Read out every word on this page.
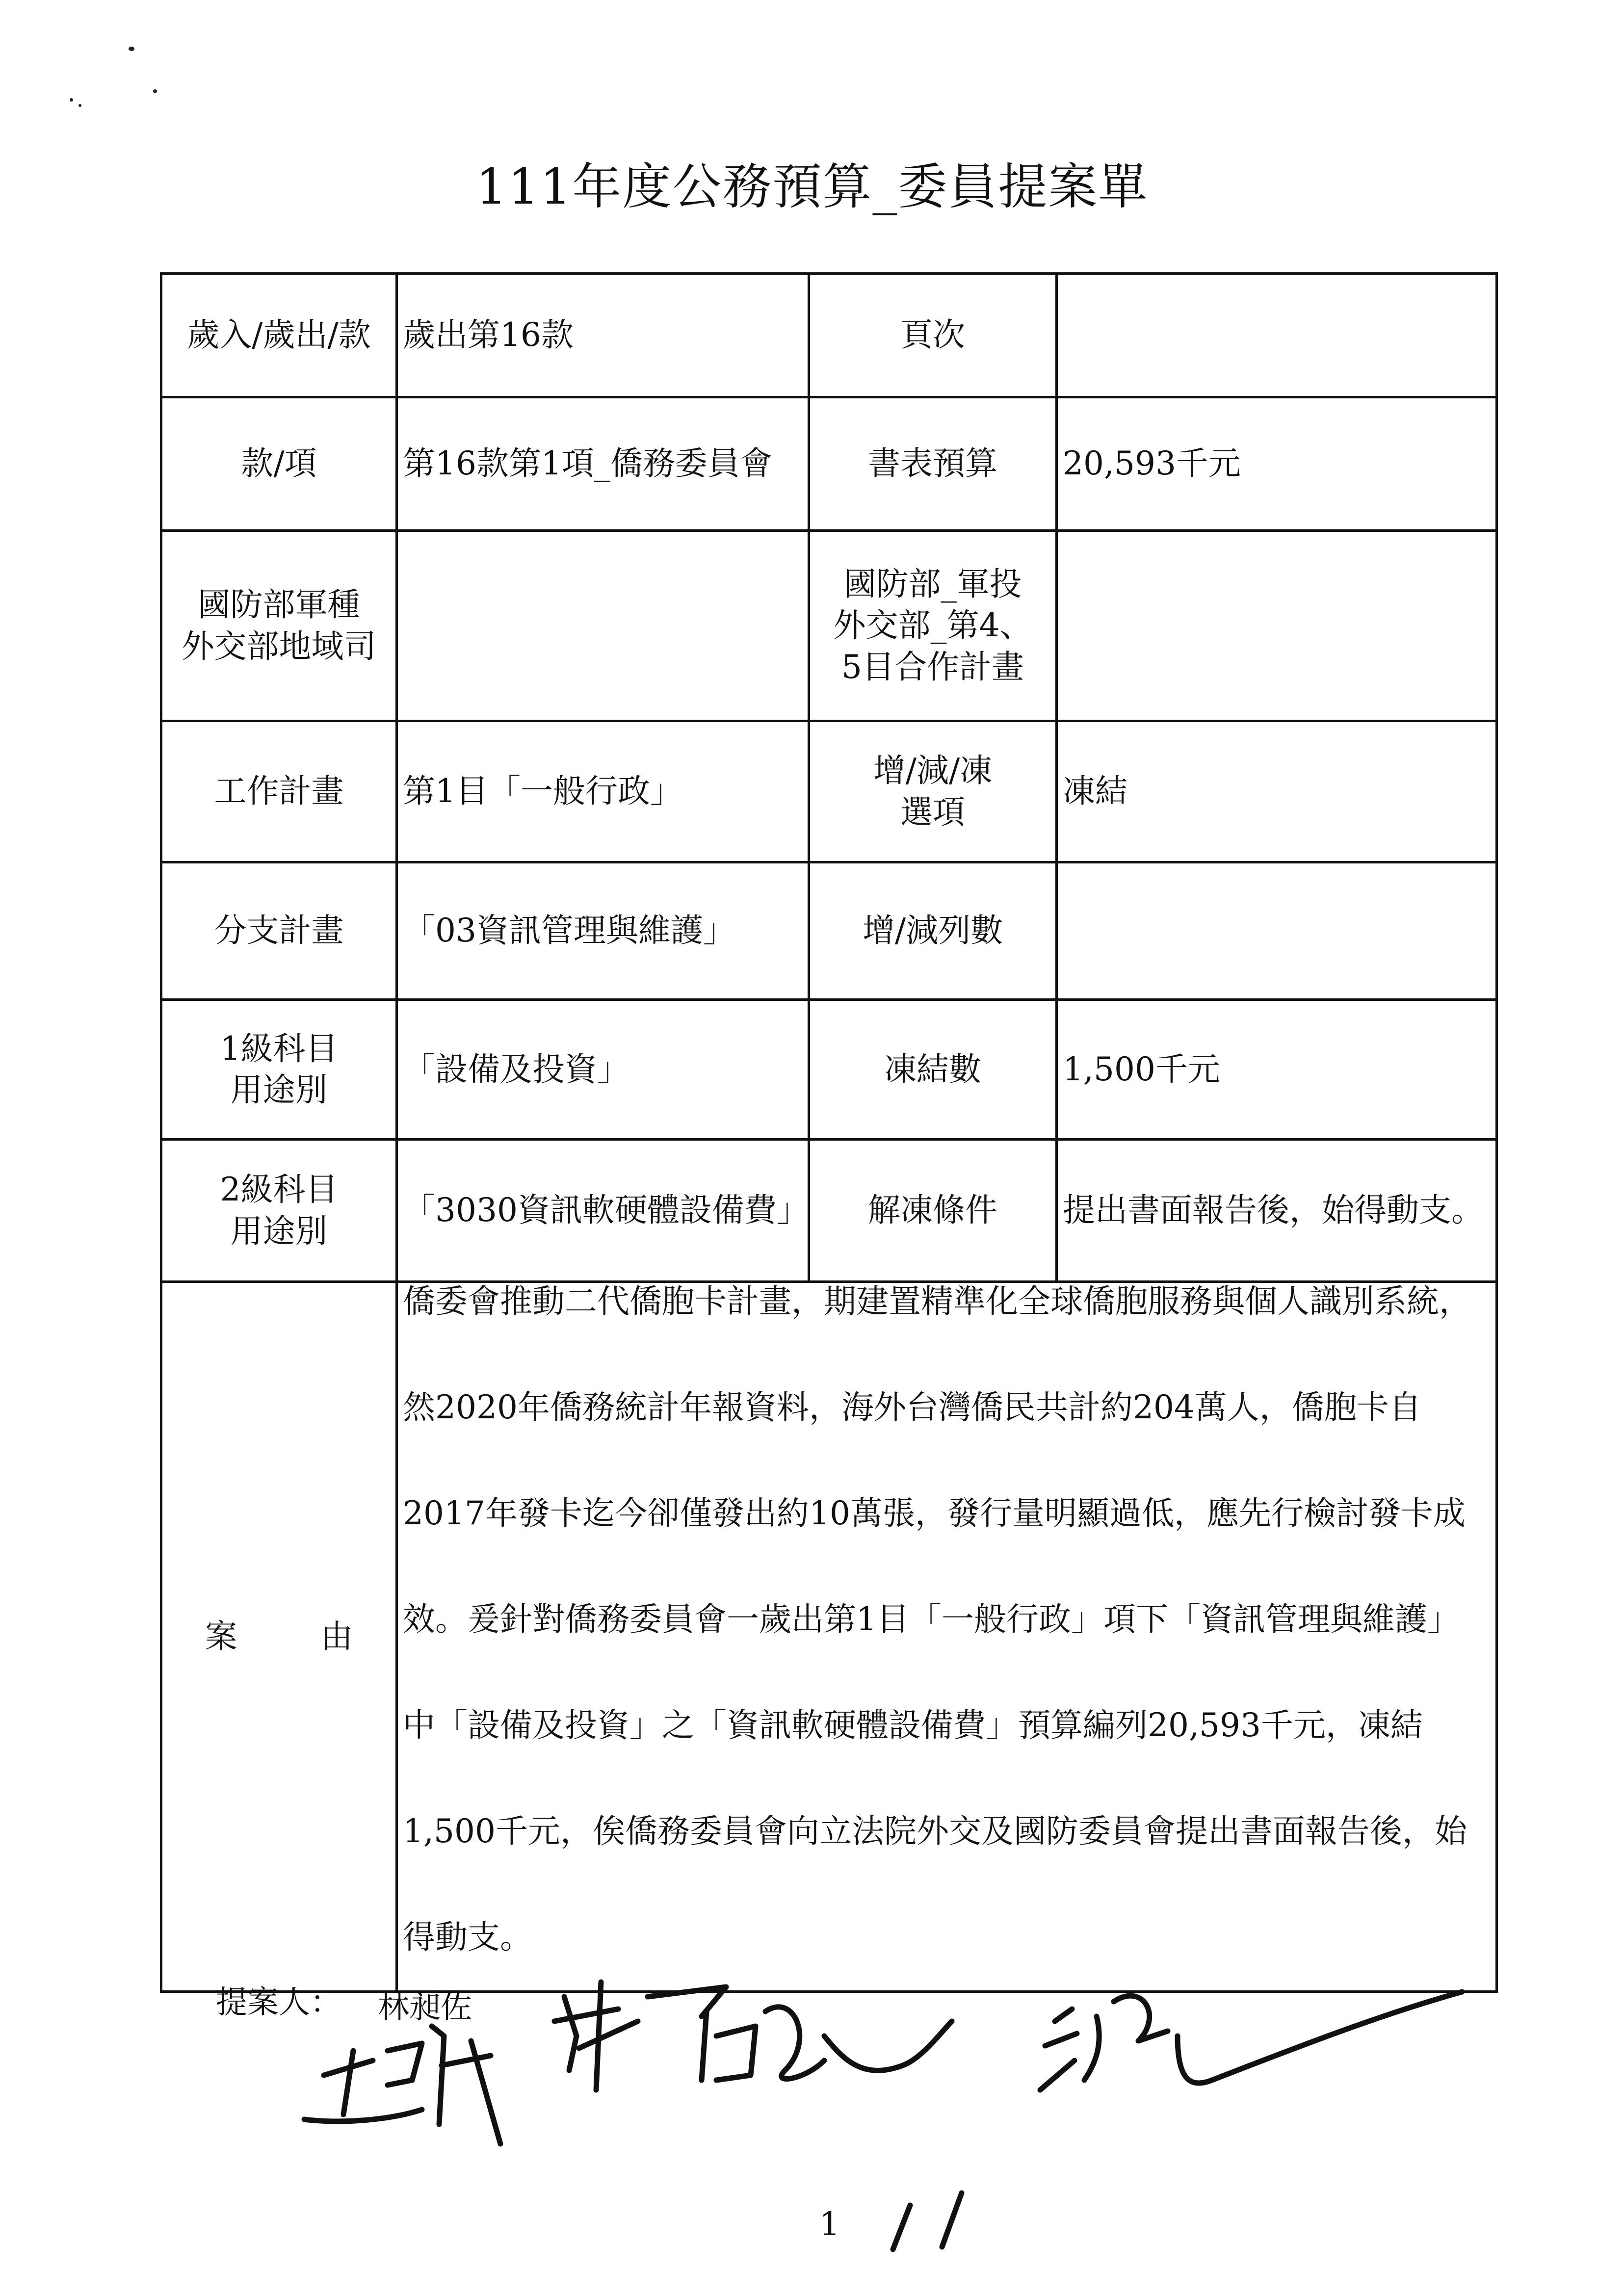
111年度公務預算_委員提案單
歲入/歲出/款	歲出第16款	頁次	
款/項	第16款第1項_僑務委員會	書表預算	20,593千元
國防部軍種 外交部地域司		國防部_軍投 外交部_第4、5目合作計畫	
工作計畫	第1目「一般行政」	增/減/凍 選項	凍結
分支計畫	「03資訊管理與維護」	增/減列數	
1級科目 用途別	「設備及投資」	凍結數	1,500千元
2級科目 用途別	「3030資訊軟硬體設備費」	解凍條件	提出書面報告後，始得動支。
案 由	僑委會推動二代僑胞卡計畫，期建置精準化全球僑胞服務與個人識別系統，然2020年僑務統計年報資料，海外台灣僑民共計約204萬人，僑胞卡自2017年發卡迄今卻僅發出約10萬張，發行量明顯過低，應先行檢討發卡成效。爰針對僑務委員會一歲出第1目「一般行政」項下「資訊管理與維護」中「設備及投資」之「資訊軟硬體設備費」預算編列20,593千元，凍結1,500千元，俟僑務委員會向立法院外交及國防委員會提出書面報告後，始得動支。		
提案人： 林昶佐
1
